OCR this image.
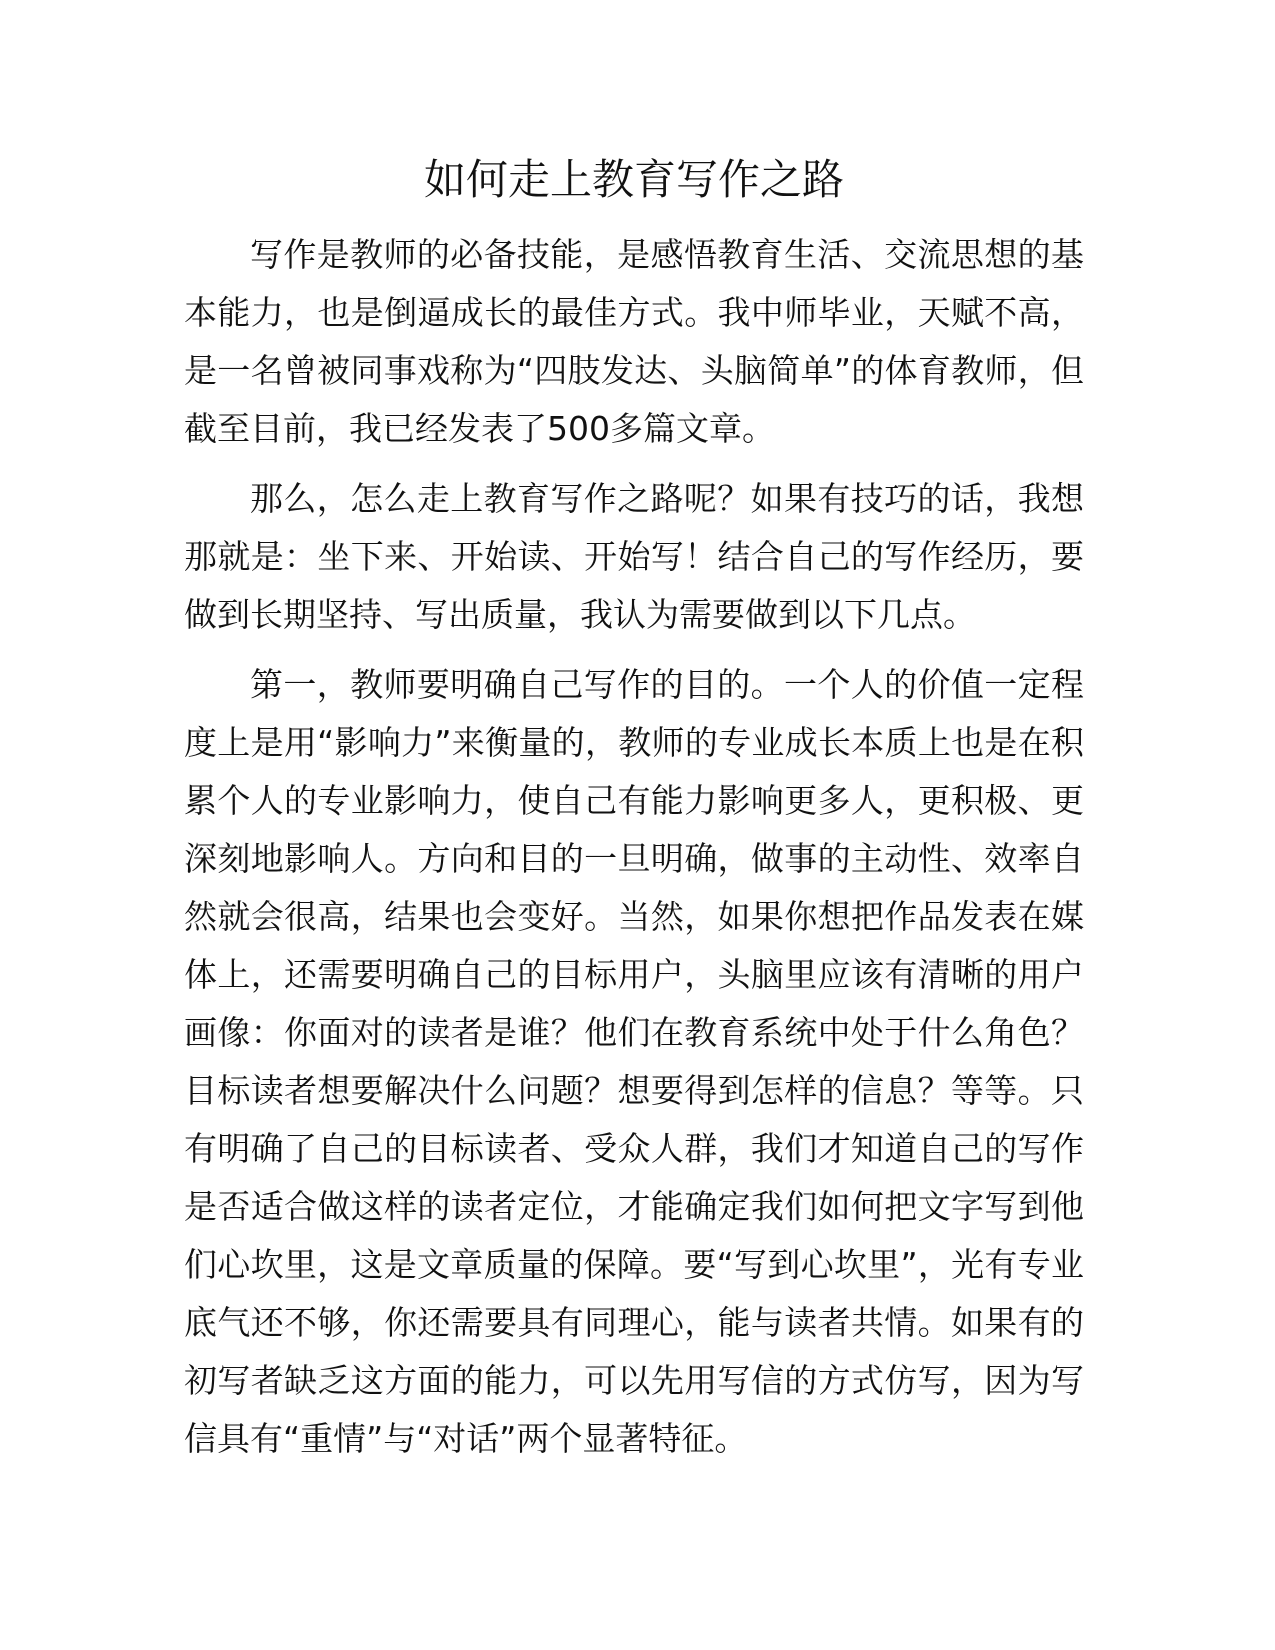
如何走上教育写作之路

写作是教师的必备技能，是感悟教育生活、交流思想的基本能力，也是倒逼成长的最佳方式。我中师毕业，天赋不高，是一名曾被同事戏称为“四肢发达、头脑简单”的体育教师，但截至目前，我已经发表了500多篇文章。

那么，怎么走上教育写作之路呢？如果有技巧的话，我想那就是：坐下来、开始读、开始写！结合自己的写作经历，要做到长期坚持、写出质量，我认为需要做到以下几点。

第一，教师要明确自己写作的目的。一个人的价值一定程度上是用“影响力”来衡量的，教师的专业成长本质上也是在积累个人的专业影响力，使自己有能力影响更多人，更积极、更深刻地影响人。方向和目的一旦明确，做事的主动性、效率自然就会很高，结果也会变好。当然，如果你想把作品发表在媒体上，还需要明确自己的目标用户，头脑里应该有清晰的用户画像：你面对的读者是谁？他们在教育系统中处于什么角色？目标读者想要解决什么问题？想要得到怎样的信息？等等。只有明确了自己的目标读者、受众人群，我们才知道自己的写作是否适合做这样的读者定位，才能确定我们如何把文字写到他们心坎里，这是文章质量的保障。要“写到心坎里”，光有专业底气还不够，你还需要具有同理心，能与读者共情。如果有的初写者缺乏这方面的能力，可以先用写信的方式仿写，因为写信具有“重情”与“对话”两个显著特征。
